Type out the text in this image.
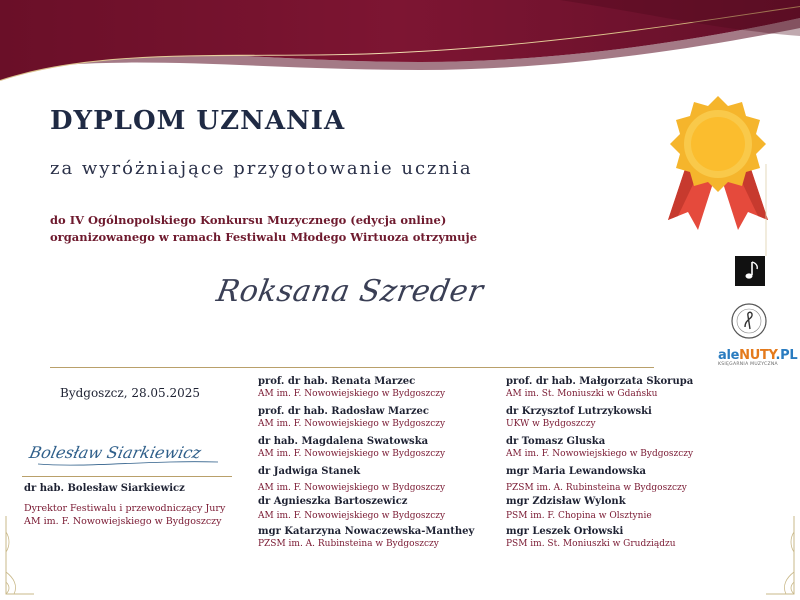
DYPLOM UZNANIA
za wyróżniające przygotowanie ucznia
do IV Ogólnopolskiego Konkursu Muzycznego (edycja online)
organizowanego w ramach Festiwalu Młodego Wirtuoza otrzymuje
Roksana Szreder
aleNUTY.PL
KSIĘGARNIA MUZYCZNA
Bydgoszcz, 28.05.2025
Bolesław Siarkiewicz
dr hab. Bolesław Siarkiewicz
Dyrektor Festiwalu i przewodniczący Jury
AM im. F. Nowowiejskiego w Bydgoszczy
prof. dr hab. Renata Marzec
AM im. F. Nowowiejskiego w Bydgoszczy
prof. dr hab. Radosław Marzec
AM im. F. Nowowiejskiego w Bydgoszczy
dr hab. Magdalena Swatowska
AM im. F. Nowowiejskiego w Bydgoszczy
dr Jadwiga Stanek
AM im. F. Nowowiejskiego w Bydgoszczy
dr Agnieszka Bartoszewicz
AM im. F. Nowowiejskiego w Bydgoszczy
mgr Katarzyna Nowaczewska-Manthey
PZSM im. A. Rubinsteina w Bydgoszczy
prof. dr hab. Małgorzata Skorupa
AM im. St. Moniuszki w Gdańsku
dr Krzysztof Lutrzykowski
UKW w Bydgoszczy
dr Tomasz Gluska
AM im. F. Nowowiejskiego w Bydgoszczy
mgr Maria Lewandowska
PZSM im. A. Rubinsteina w Bydgoszczy
mgr Zdzisław Wylonk
PSM im. F. Chopina w Olsztynie
mgr Leszek Orłowski
PSM im. St. Moniuszki w Grudziądzu
